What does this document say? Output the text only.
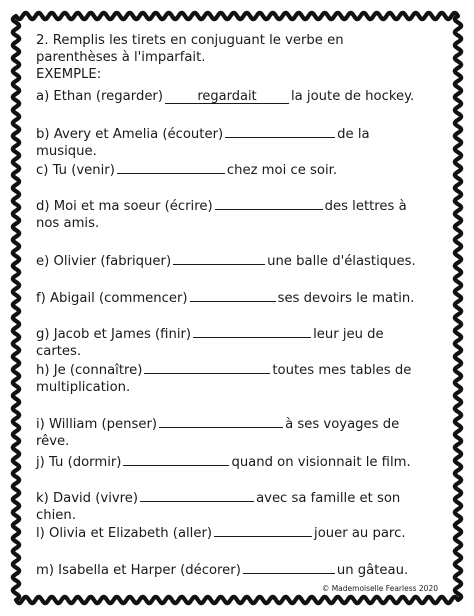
2. Remplis les tirets en conjuguant le verbe en parenthèses à l'imparfait.

EXEMPLE:

a) Ethan (regarder)	regardait	la joute de hockey.
b) Avery et Amelia (écouter)	de la musique.
c) Tu (venir)	chez moi ce soir.
d) Moi et ma soeur (écrire)	des lettres à nos amis.
e) Olivier (fabriquer)	une balle d'élastiques.
f) Abigail (commencer)	ses devoirs le matin.
g) Jacob et James (finir)	leur jeu de cartes.
h) Je (connaître)	toutes mes tables de multiplication.
i) William (penser)	à ses voyages de rêve.
j) Tu (dormir)	quand on visionnait le film.
k) David (vivre)	avec sa famille et son chien.
l) Olivia et Elizabeth (aller)	jouer au parc.
m) Isabella et Harper (décorer)	un gâteau.
© Mademoiselle Fearless 2020
